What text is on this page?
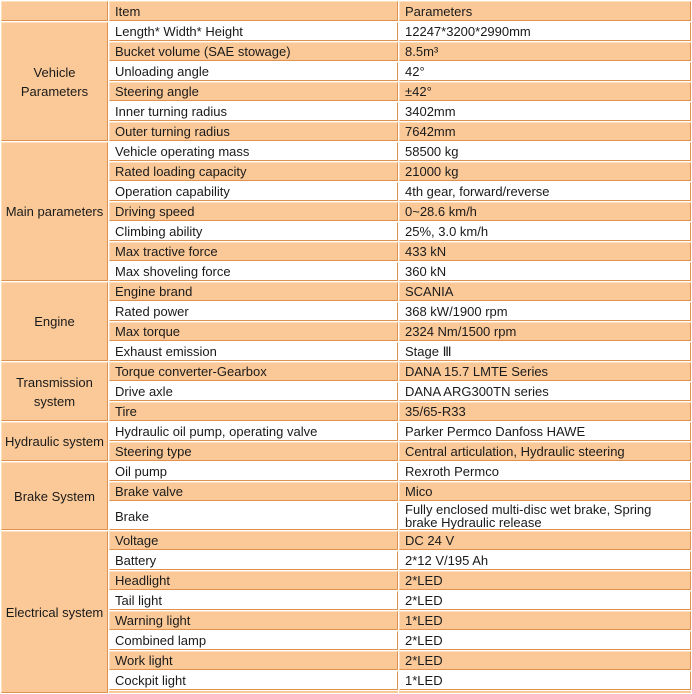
	Item	Parameters
Vehicle Parameters	Length* Width* Height	12247*3200*2990mm
	Bucket volume (SAE stowage)	8.5m³
	Unloading angle	42°
	Steering angle	±42°
	Inner turning radius	3402mm
	Outer turning radius	7642mm
Main parameters	Vehicle operating mass	58500 kg
	Rated loading capacity	21000 kg
	Operation capability	4th gear, forward/reverse
	Driving speed	0~28.6 km/h
	Climbing ability	25%, 3.0 km/h
	Max tractive force	433 kN
	Max shoveling force	360 kN
Engine	Engine brand	SCANIA
	Rated power	368 kW/1900 rpm
	Max torque	2324 Nm/1500 rpm
	Exhaust emission	Stage Ⅲ
Transmission system	Torque converter-Gearbox	DANA 15.7 LMTE Series
	Drive axle	DANA ARG300TN series
	Tire	35/65-R33
Hydraulic system	Hydraulic oil pump, operating valve	Parker Permco Danfoss HAWE
	Steering type	Central articulation, Hydraulic steering
Brake System	Oil pump	Rexroth Permco
	Brake valve	Mico
	Brake	Fully enclosed multi-disc wet brake, Spring brake Hydraulic release
Electrical system	Voltage	DC 24 V
	Battery	2*12 V/195 Ah
	Headlight	2*LED
	Tail light	2*LED
	Warning light	1*LED
	Combined lamp	2*LED
	Work light	2*LED
	Cockpit light	1*LED
